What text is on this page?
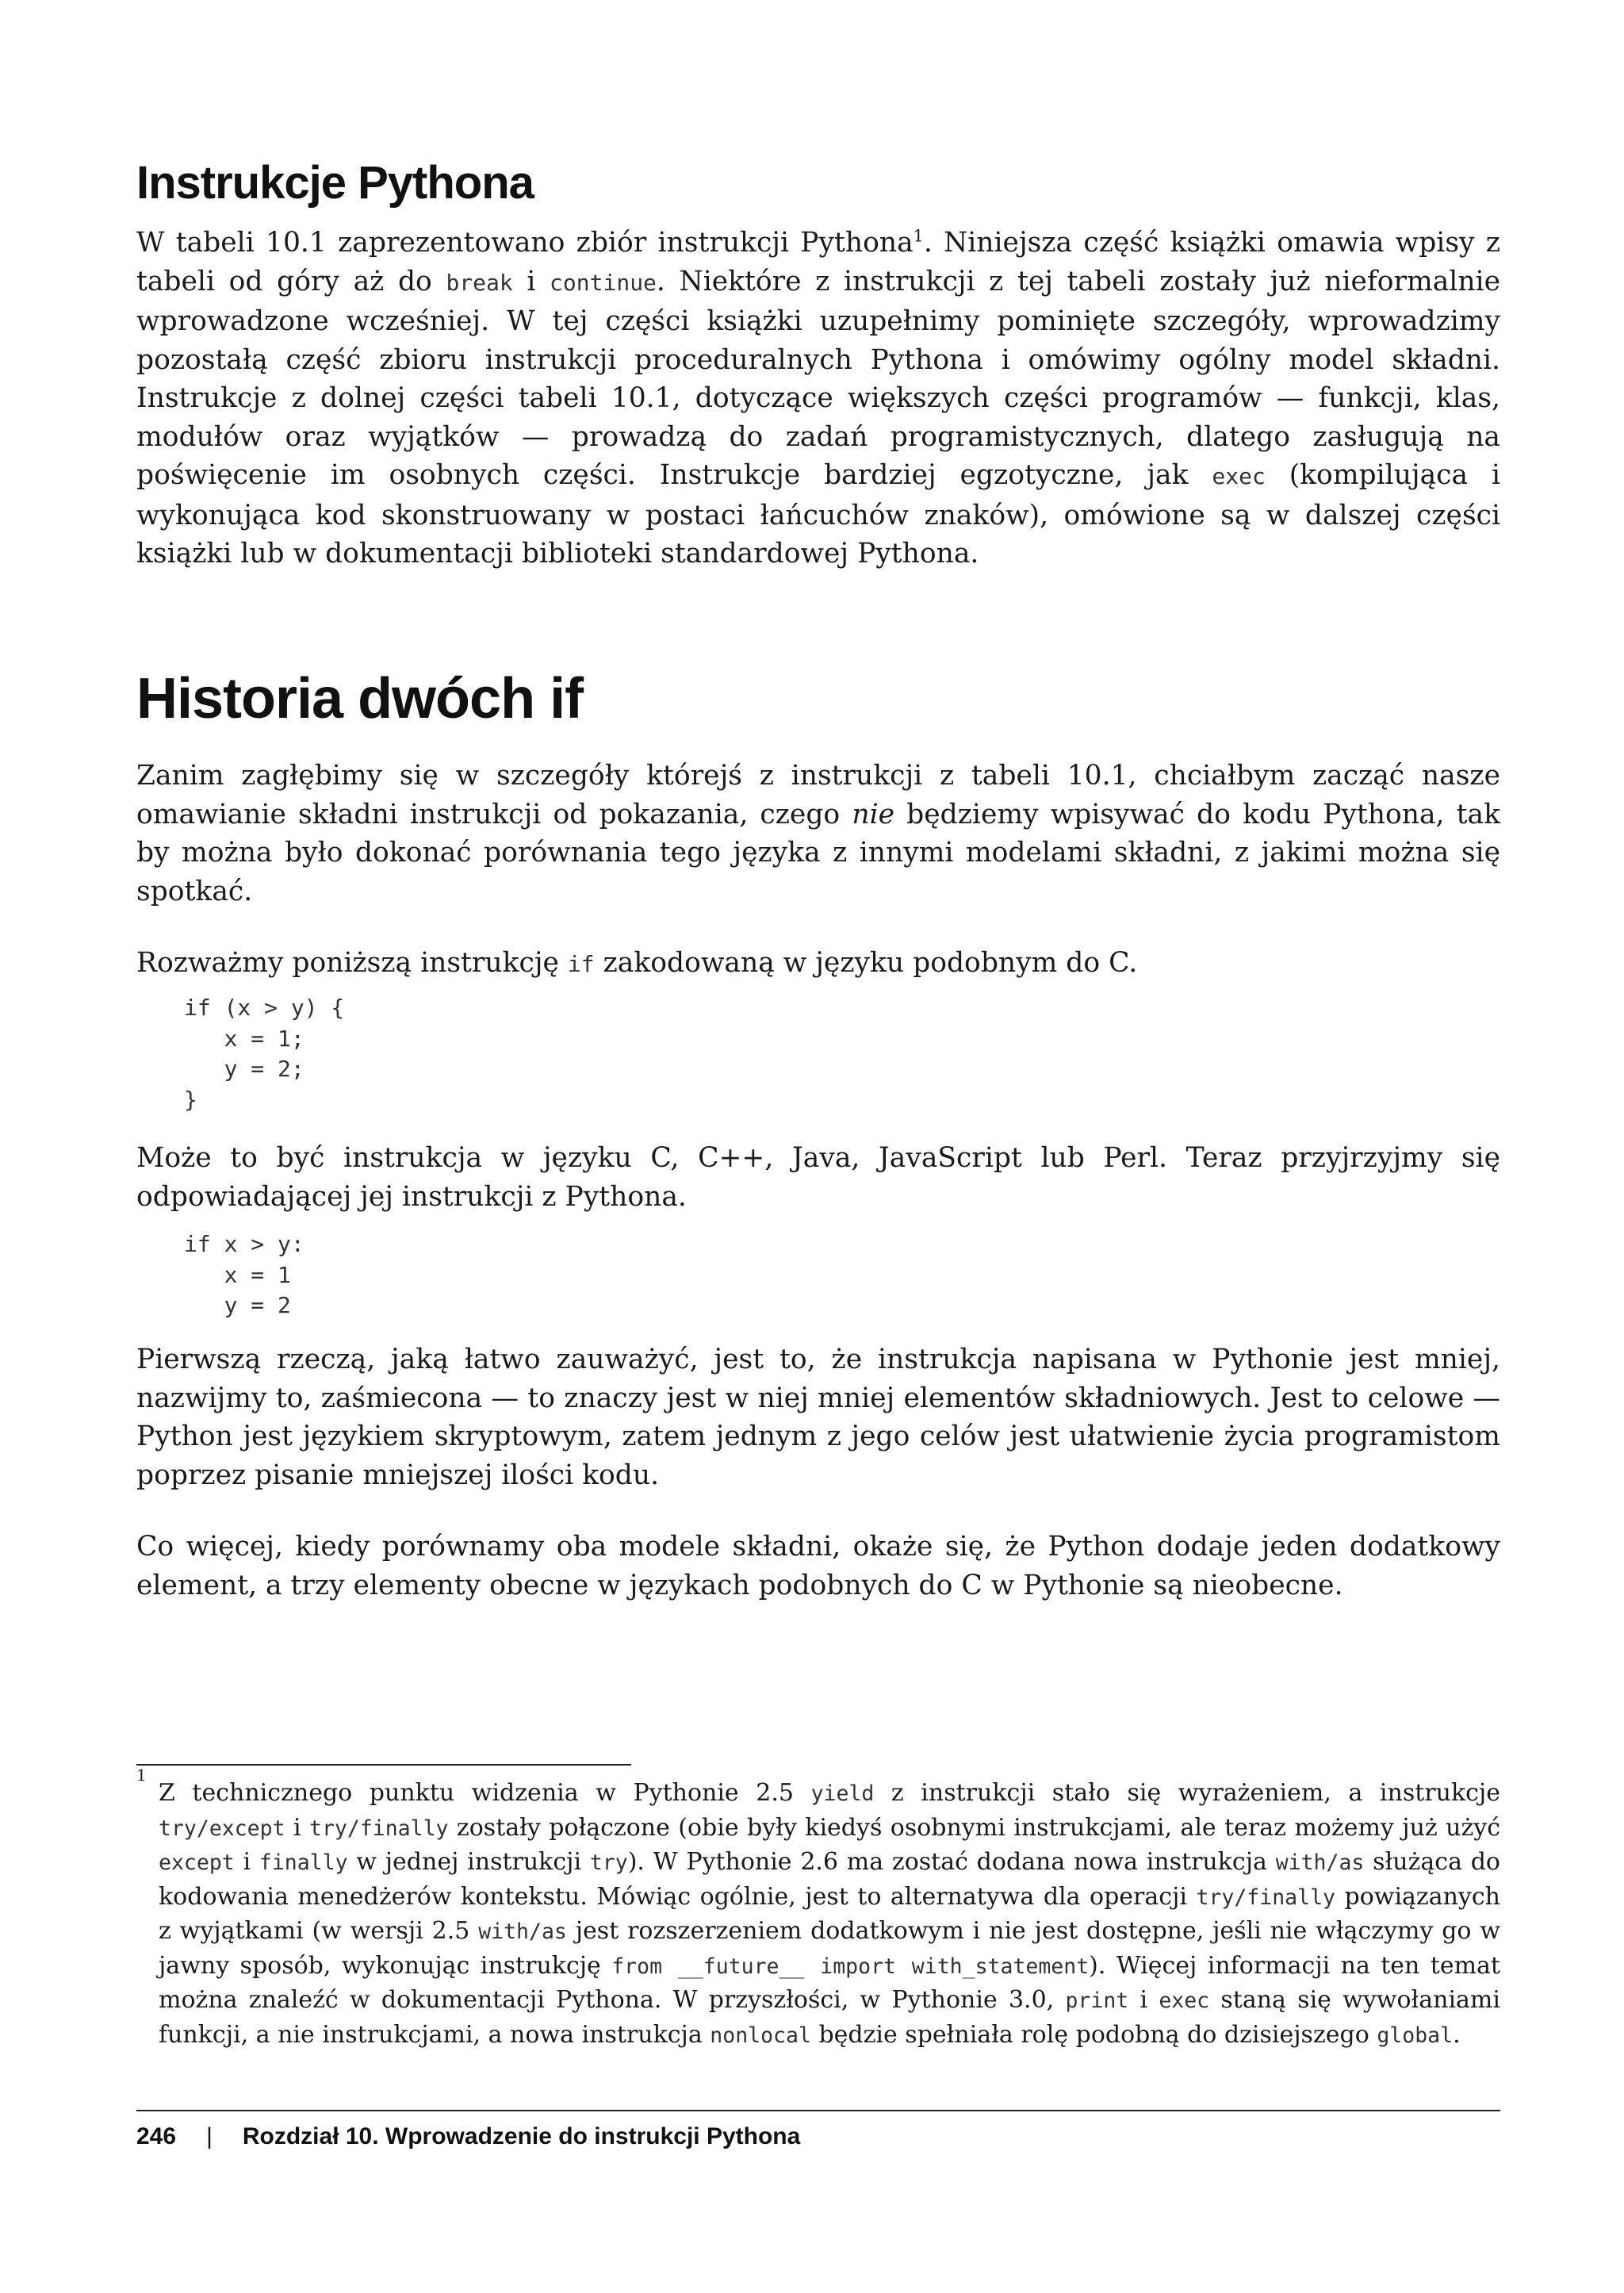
Instrukcje Pythona

W tabeli 10.1 zaprezentowano zbiór instrukcji Pythona$^1$. Niniejsza część książki omawia wpisy z tabeli od góry aż do break i continue. Niektóre z instrukcji z tej tabeli zostały już nieformalnie wprowadzone wcześniej. W tej części książki uzupełnimy pominięte szczegóły, wprowadzimy pozostałą część zbioru instrukcji proceduralnych Pythona i omówimy ogólny model składni. Instrukcje z dolnej części tabeli 10.1, dotyczące większych części programów — funkcji, klas, modułów oraz wyjątków — prowadzą do zadań programistycznych, dlatego zasługują na poświęcenie im osobnych części. Instrukcje bardziej egzotyczne, jak exec (kompilująca i wykonująca kod skonstruowany w postaci łańcuchów znaków), omówione są w dalszej części książki lub w dokumentacji biblioteki standardowej Pythona.

Historia dwóch if

Zanim zagłębimy się w szczegóły którejś z instrukcji z tabeli 10.1, chciałbym zacząć nasze omawianie składni instrukcji od pokazania, czego nie będziemy wpisywać do kodu Pythona, tak by można było dokonać porównania tego języka z innymi modelami składni, z jakimi można się spotkać.

Rozważmy poniższą instrukcję if zakodowaną w języku podobnym do C.

if (x > y) {
x = 1;
y = 2;
}

Może to być instrukcja w języku C, C++, Java, JavaScript lub Perl. Teraz przyjrzyjmy się odpowiadającej jej instrukcji z Pythona.

if x > y:
x = 1
y = 2

Pierwszą rzeczą, jaką łatwo zauważyć, jest to, że instrukcja napisana w Pythonie jest mniej, nazwijmy to, zaśmiecona — to znaczy jest w niej mniej elementów składniowych. Jest to celowe — Python jest językiem skryptowym, zatem jednym z jego celów jest ułatwienie życia programistom poprzez pisanie mniejszej ilości kodu.

Co więcej, kiedy porównamy oba modele składni, okaże się, że Python dodaje jeden dodatkowy element, a trzy elementy obecne w językach podobnych do C w Pythonie są nieobecne.

1
Z technicznego punktu widzenia w Pythonie 2.5 yield z instrukcji stało się wyrażeniem, a instrukcje try/except i try/finally zostały połączone (obie były kiedyś osobnymi instrukcjami, ale teraz możemy już użyć except i finally w jednej instrukcji try). W Pythonie 2.6 ma zostać dodana nowa instrukcja with/as służąca do kodowania menedżerów kontekstu. Mówiąc ogólnie, jest to alternatywa dla operacji try/finally powiązanych z wyjątkami (w wersji 2.5 with/as jest rozszerzeniem dodatkowym i nie jest dostępne, jeśli nie włączymy go w jawny sposób, wykonując instrukcję from __future__ import with_statement). Więcej informacji na ten temat można znaleźć w dokumentacji Pythona. W przyszłości, w Pythonie 3.0, print i exec staną się wywołaniami funkcji, a nie instrukcjami, a nowa instrukcja nonlocal będzie spełniała rolę podobną do dzisiejszego global.

246 | Rozdział 10. Wprowadzenie do instrukcji Pythona
